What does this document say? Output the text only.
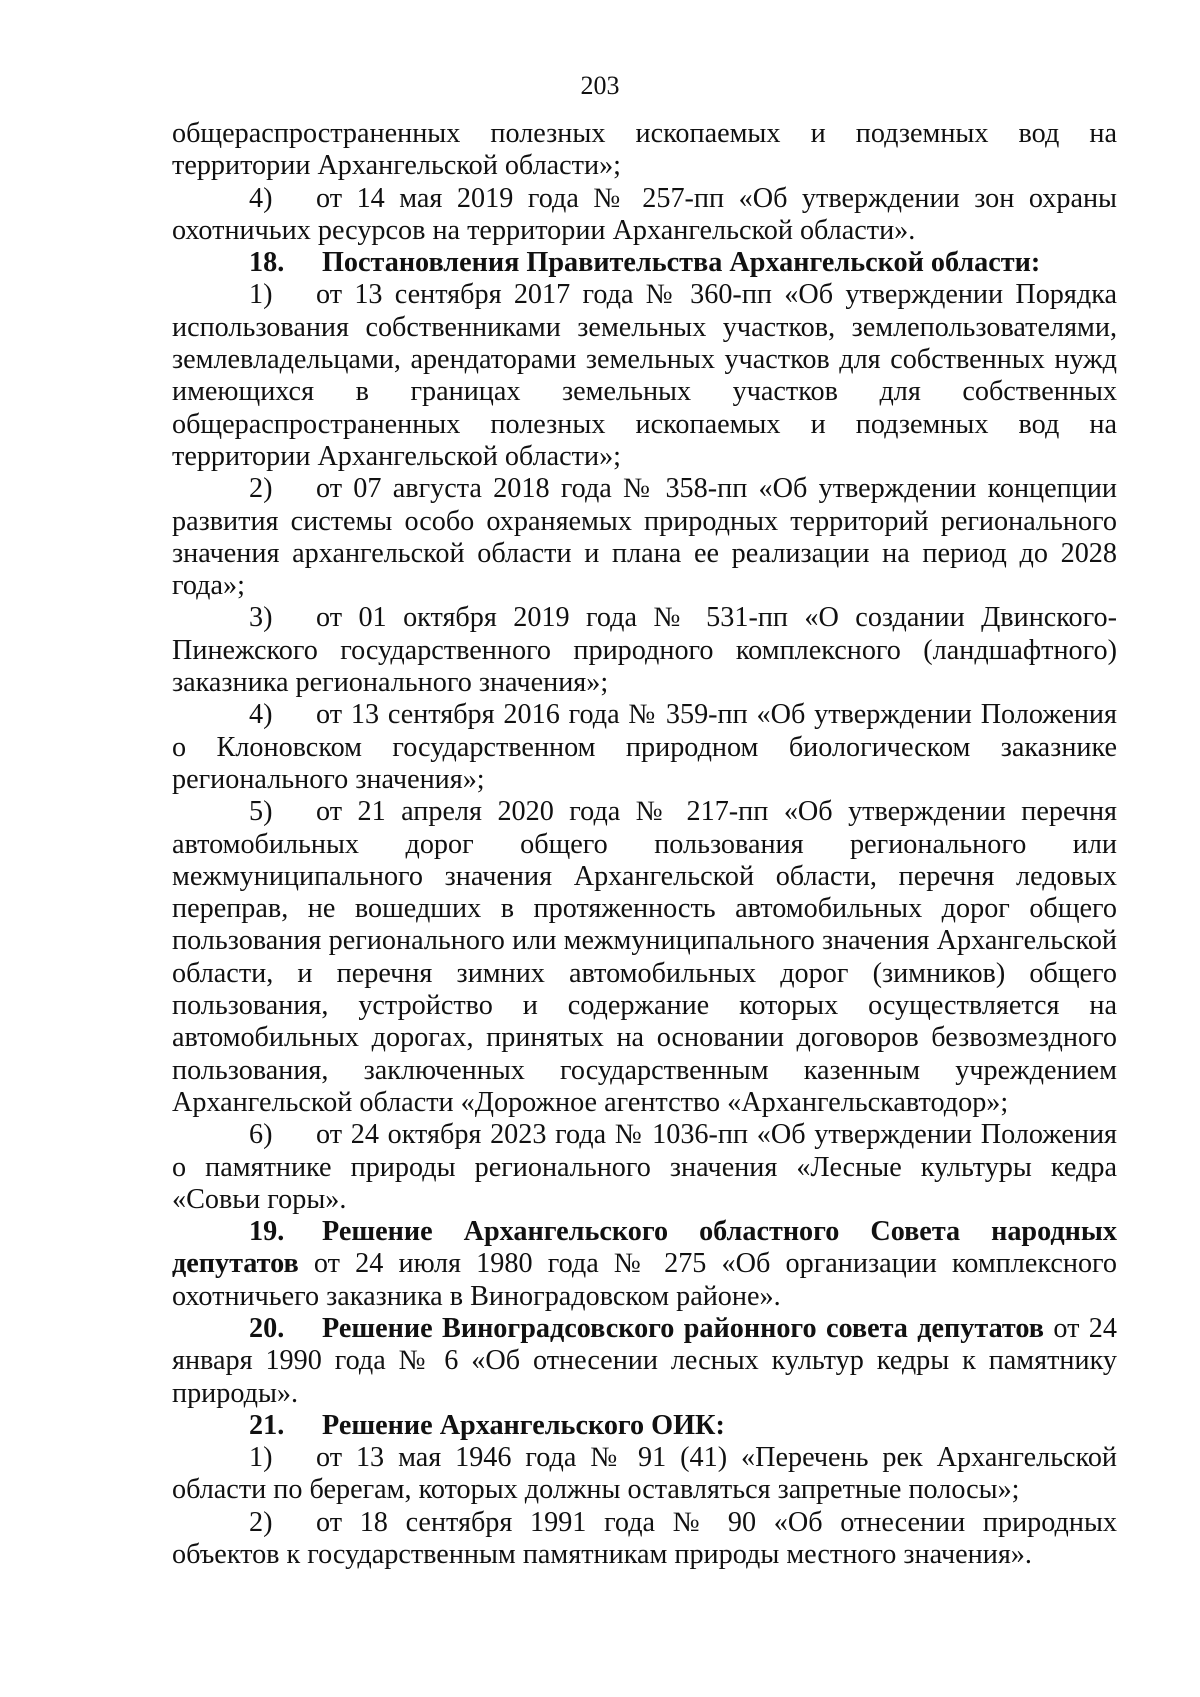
203

общераспространенных полезных ископаемых и подземных вод на территории Архангельской области»;

4) от 14 мая 2019 года № 257-пп «Об утверждении зон охраны охотничьих ресурсов на территории Архангельской области».

18. Постановления Правительства Архангельской области:

1) от 13 сентября 2017 года № 360-пп «Об утверждении Порядка использования собственниками земельных участков, землепользователями, землевладельцами, арендаторами земельных участков для собственных нужд имеющихся в границах земельных участков для собственных общераспространенных полезных ископаемых и подземных вод на территории Архангельской области»;

2) от 07 августа 2018 года № 358-пп «Об утверждении концепции развития системы особо охраняемых природных территорий регионального значения архангельской области и плана ее реализации на период до 2028 года»;

3) от 01 октября 2019 года № 531-пп «О создании Двинского-Пинежского государственного природного комплексного (ландшафтного) заказника регионального значения»;

4) от 13 сентября 2016 года № 359-пп «Об утверждении Положения о Клоновском государственном природном биологическом заказнике регионального значения»;

5) от 21 апреля 2020 года № 217-пп «Об утверждении перечня автомобильных дорог общего пользования регионального или межмуниципального значения Архангельской области, перечня ледовых переправ, не вошедших в протяженность автомобильных дорог общего пользования регионального или межмуниципального значения Архангельской области, и перечня зимних автомобильных дорог (зимников) общего пользования, устройство и содержание которых осуществляется на автомобильных дорогах, принятых на основании договоров безвозмездного пользования, заключенных государственным казенным учреждением Архангельской области «Дорожное агентство «Архангельскавтодор»;

6) от 24 октября 2023 года № 1036-пп «Об утверждении Положения о памятнике природы регионального значения «Лесные культуры кедра «Совьи горы».

19. Решение Архангельского областного Совета народных депутатов от 24 июля 1980 года № 275 «Об организации комплексного охотничьего заказника в Виноградовском районе».

20. Решение Виноградсовского районного совета депутатов от 24 января 1990 года № 6 «Об отнесении лесных культур кедры к памятнику природы».

21. Решение Архангельского ОИК:

1) от 13 мая 1946 года № 91 (41) «Перечень рек Архангельской области по берегам, которых должны оставляться запретные полосы»;

2) от 18 сентября 1991 года № 90 «Об отнесении природных объектов к государственным памятникам природы местного значения».
